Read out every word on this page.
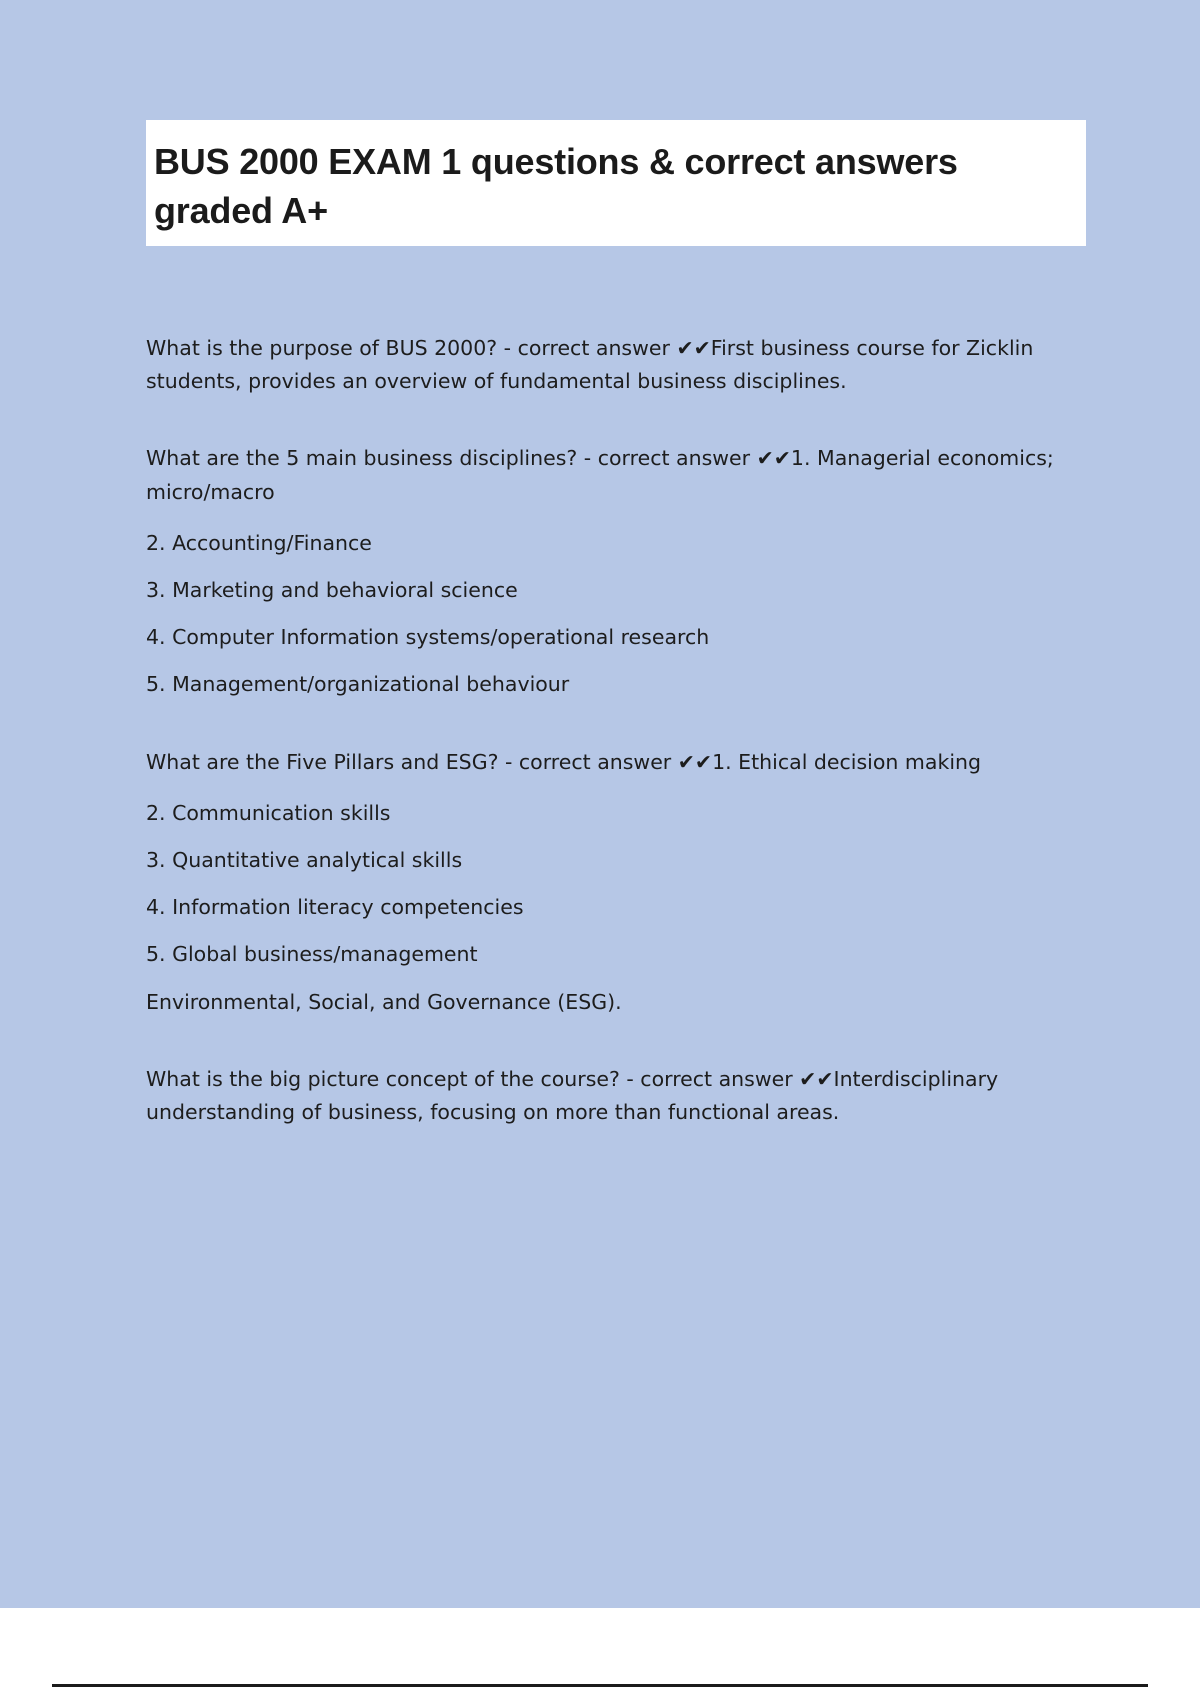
BUS 2000 EXAM 1 questions & correct answers graded A+

What is the purpose of BUS 2000? - correct answer ✔✔First business course for Zicklin students, provides an overview of fundamental business disciplines.

What are the 5 main business disciplines? - correct answer ✔✔1. Managerial economics; micro/macro

2. Accounting/Finance

3. Marketing and behavioral science

4. Computer Information systems/operational research

5. Management/organizational behaviour

What are the Five Pillars and ESG? - correct answer ✔✔1. Ethical decision making

2. Communication skills

3. Quantitative analytical skills

4. Information literacy competencies

5. Global business/management

Environmental, Social, and Governance (ESG).

What is the big picture concept of the course? - correct answer ✔✔Interdisciplinary understanding of business, focusing on more than functional areas.
